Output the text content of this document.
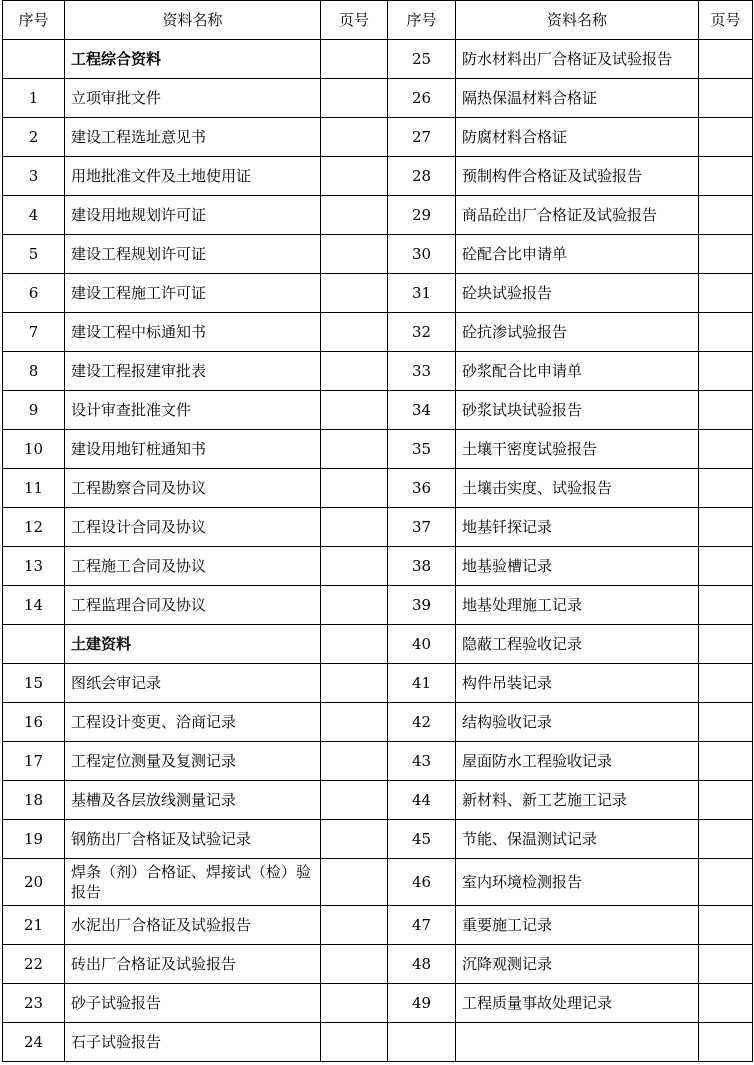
序号	资料名称	页号	序号	资料名称	页号
	工程综合资料		25	防水材料出厂合格证及试验报告	
1	立项审批文件		26	隔热保温材料合格证	
2	建设工程选址意见书		27	防腐材料合格证	
3	用地批准文件及土地使用证		28	预制构件合格证及试验报告	
4	建设用地规划许可证		29	商品砼出厂合格证及试验报告	
5	建设工程规划许可证		30	砼配合比申请单	
6	建设工程施工许可证		31	砼块试验报告	
7	建设工程中标通知书		32	砼抗渗试验报告	
8	建设工程报建审批表		33	砂浆配合比申请单	
9	设计审查批准文件		34	砂浆试块试验报告	
10	建设用地钉桩通知书		35	土壤干密度试验报告	
11	工程勘察合同及协议		36	土壤击实度、试验报告	
12	工程设计合同及协议		37	地基钎探记录	
13	工程施工合同及协议		38	地基验槽记录	
14	工程监理合同及协议		39	地基处理施工记录	
	土建资料		40	隐蔽工程验收记录	
15	图纸会审记录		41	构件吊装记录	
16	工程设计变更、洽商记录		42	结构验收记录	
17	工程定位测量及复测记录		43	屋面防水工程验收记录	
18	基槽及各层放线测量记录		44	新材料、新工艺施工记录	
19	钢筋出厂合格证及试验记录		45	节能、保温测试记录	
20	焊条（剂）合格证、焊接试（检）验报告		46	室内环境检测报告	
21	水泥出厂合格证及试验报告		47	重要施工记录	
22	砖出厂合格证及试验报告		48	沉降观测记录	
23	砂子试验报告		49	工程质量事故处理记录	
24	石子试验报告				
